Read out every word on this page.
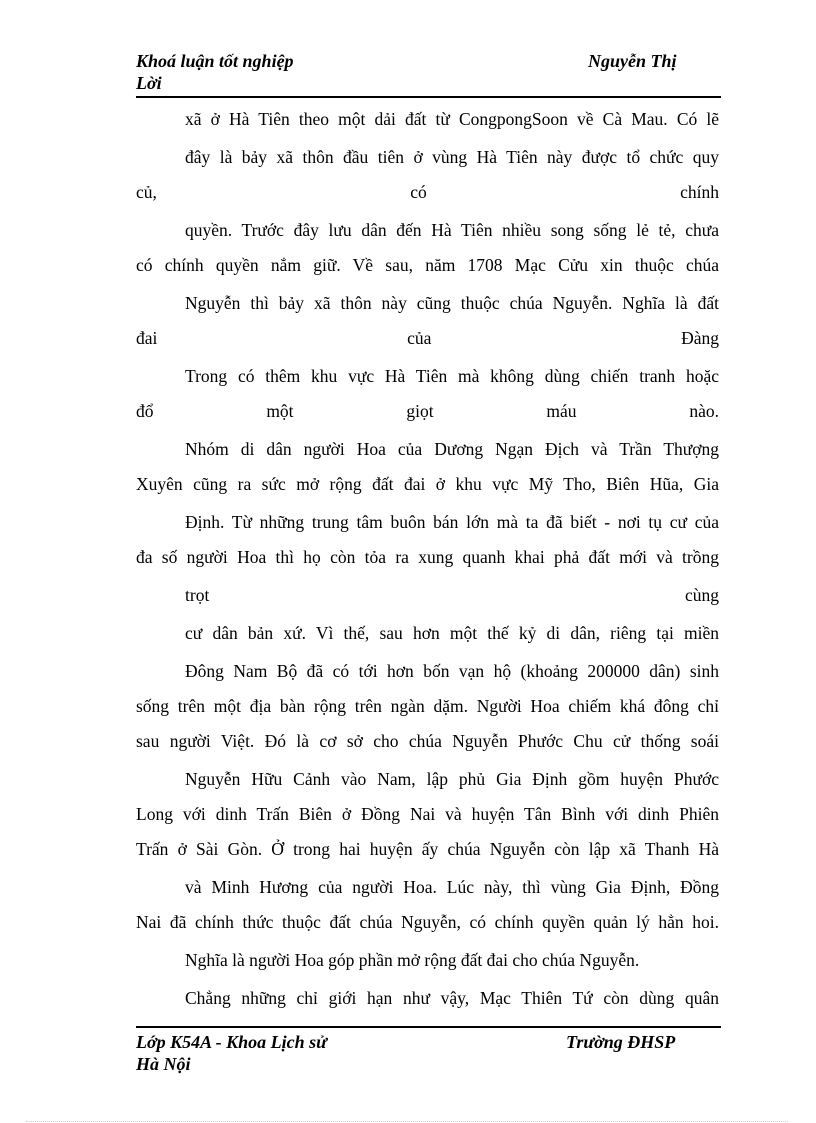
Khoá luận tốt nghiệp
Lời
Nguyễn Thị
xã ở Hà Tiên theo một dải đất từ CongpongSoon về Cà Mau. Có lẽ
đây là bảy xã thôn đầu tiên ở vùng Hà Tiên này được tổ chức quy
củ, có chính
quyền. Trước đây lưu dân đến Hà Tiên nhiều song sống lẻ tẻ, chưa
có chính quyền nắm giữ. Về sau, năm 1708 Mạc Cửu xin thuộc chúa
Nguyễn thì bảy xã thôn này cũng thuộc chúa Nguyễn. Nghĩa là đất
đai của Đàng
Trong có thêm khu vực Hà Tiên mà không dùng chiến tranh hoặc
đổ một giọt máu nào.
Nhóm di dân người Hoa của Dương Ngạn Địch và Trần Thượng
Xuyên cũng ra sức mở rộng đất đai ở khu vực Mỹ Tho, Biên Hũa, Gia
Định. Từ những trung tâm buôn bán lớn mà ta đã biết - nơi tụ cư của
đa số người Hoa thì họ còn tỏa ra xung quanh khai phả đất mới và trồng
trọt cùng
cư dân bản xứ. Vì thế, sau hơn một thế kỷ di dân, riêng tại miền
Đông Nam Bộ đã có tới hơn bốn vạn hộ (khoảng 200000 dân) sinh
sống trên một địa bàn rộng trên ngàn dặm. Người Hoa chiếm khá đông chỉ
sau người Việt. Đó là cơ sở cho chúa Nguyễn Phước Chu cử thống soái
Nguyễn Hữu Cảnh vào Nam, lập phủ Gia Định gồm huyện Phước
Long với dinh Trấn Biên ở Đồng Nai và huyện Tân Bình với dinh Phiên
Trấn ở Sài Gòn. Ở trong hai huyện ấy chúa Nguyễn còn lập xã Thanh Hà
và Minh Hương của người Hoa. Lúc này, thì vùng Gia Định, Đồng
Nai đã chính thức thuộc đất chúa Nguyễn, có chính quyền quản lý hẳn hoi.
Nghĩa là người Hoa góp phần mở rộng đất đai cho chúa Nguyễn.
Chẳng những chỉ giới hạn như vậy, Mạc Thiên Tứ còn dùng quân
Lớp K54A - Khoa Lịch sử
Hà Nội
Trường ĐHSP
